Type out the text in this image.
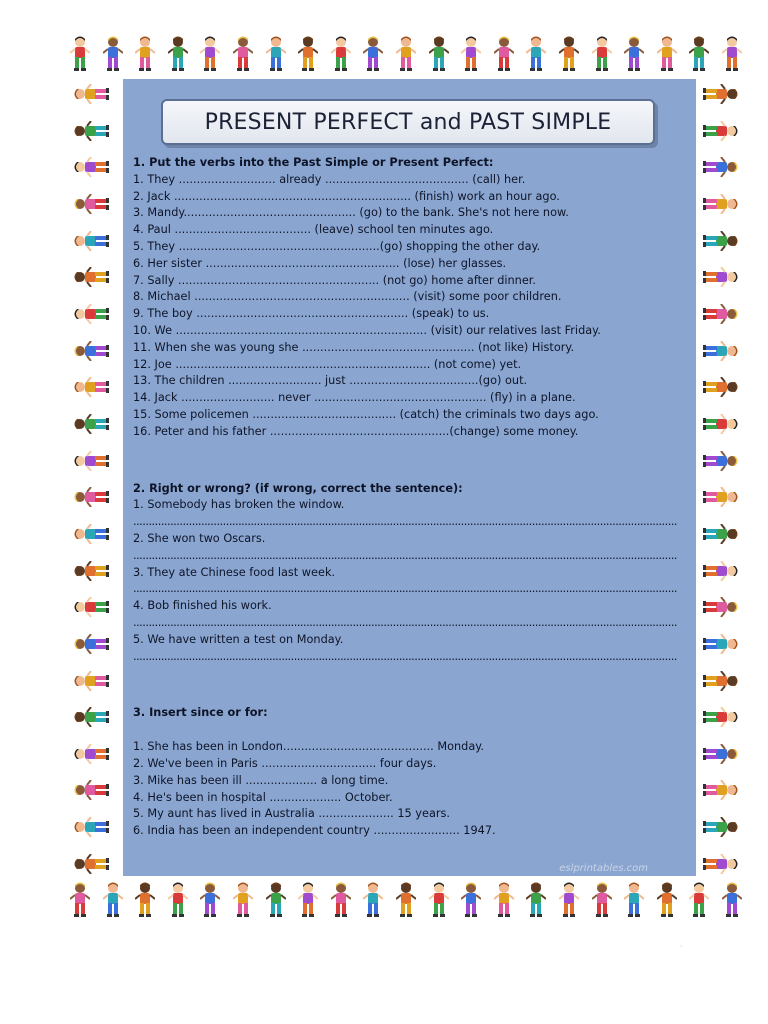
PRESENT PERFECT and PAST SIMPLE
1. Put the verbs into the Past Simple or Present Perfect:
1. They ........................... already ........................................ (call) her.
2. Jack .................................................................. (finish) work an hour ago.
3. Mandy................................................ (go) to the bank. She's not here now.
4. Paul ...................................... (leave) school ten minutes ago.
5. They ........................................................(go) shopping the other day.
6. Her sister ...................................................... (lose) her glasses.
7. Sally ........................................................ (not go) home after dinner.
8. Michael ............................................................ (visit) some poor children.
9. The boy ........................................................... (speak) to us.
10. We ...................................................................... (visit) our relatives last Friday.
11. When she was young she ................................................ (not like) History.
12. Joe ....................................................................... (not come) yet.
13. The children .......................... just ....................................(go) out.
14. Jack .......................... never ................................................ (fly) in a plane.
15. Some policemen ........................................ (catch) the criminals two days ago.
16. Peter and his father ..................................................(change) some money.
2. Right or wrong? (if wrong, correct the sentence):
1. Somebody has broken the window.
................................................................................................................................................................................
2. She won two Oscars.
................................................................................................................................................................................
3. They ate Chinese food last week.
................................................................................................................................................................................
4. Bob finished his work.
................................................................................................................................................................................
5. We have written a test on Monday.
................................................................................................................................................................................
3. Insert since or for:
1. She has been in London.......................................... Monday.
2. We've been in Paris ................................ four days.
3. Mike has been ill .................... a long time.
4. He's been in hospital .................... October.
5. My aunt has lived in Australia ..................... 15 years.
6. India has been an independent country ........................ 1947.
eslprintables.com
·
